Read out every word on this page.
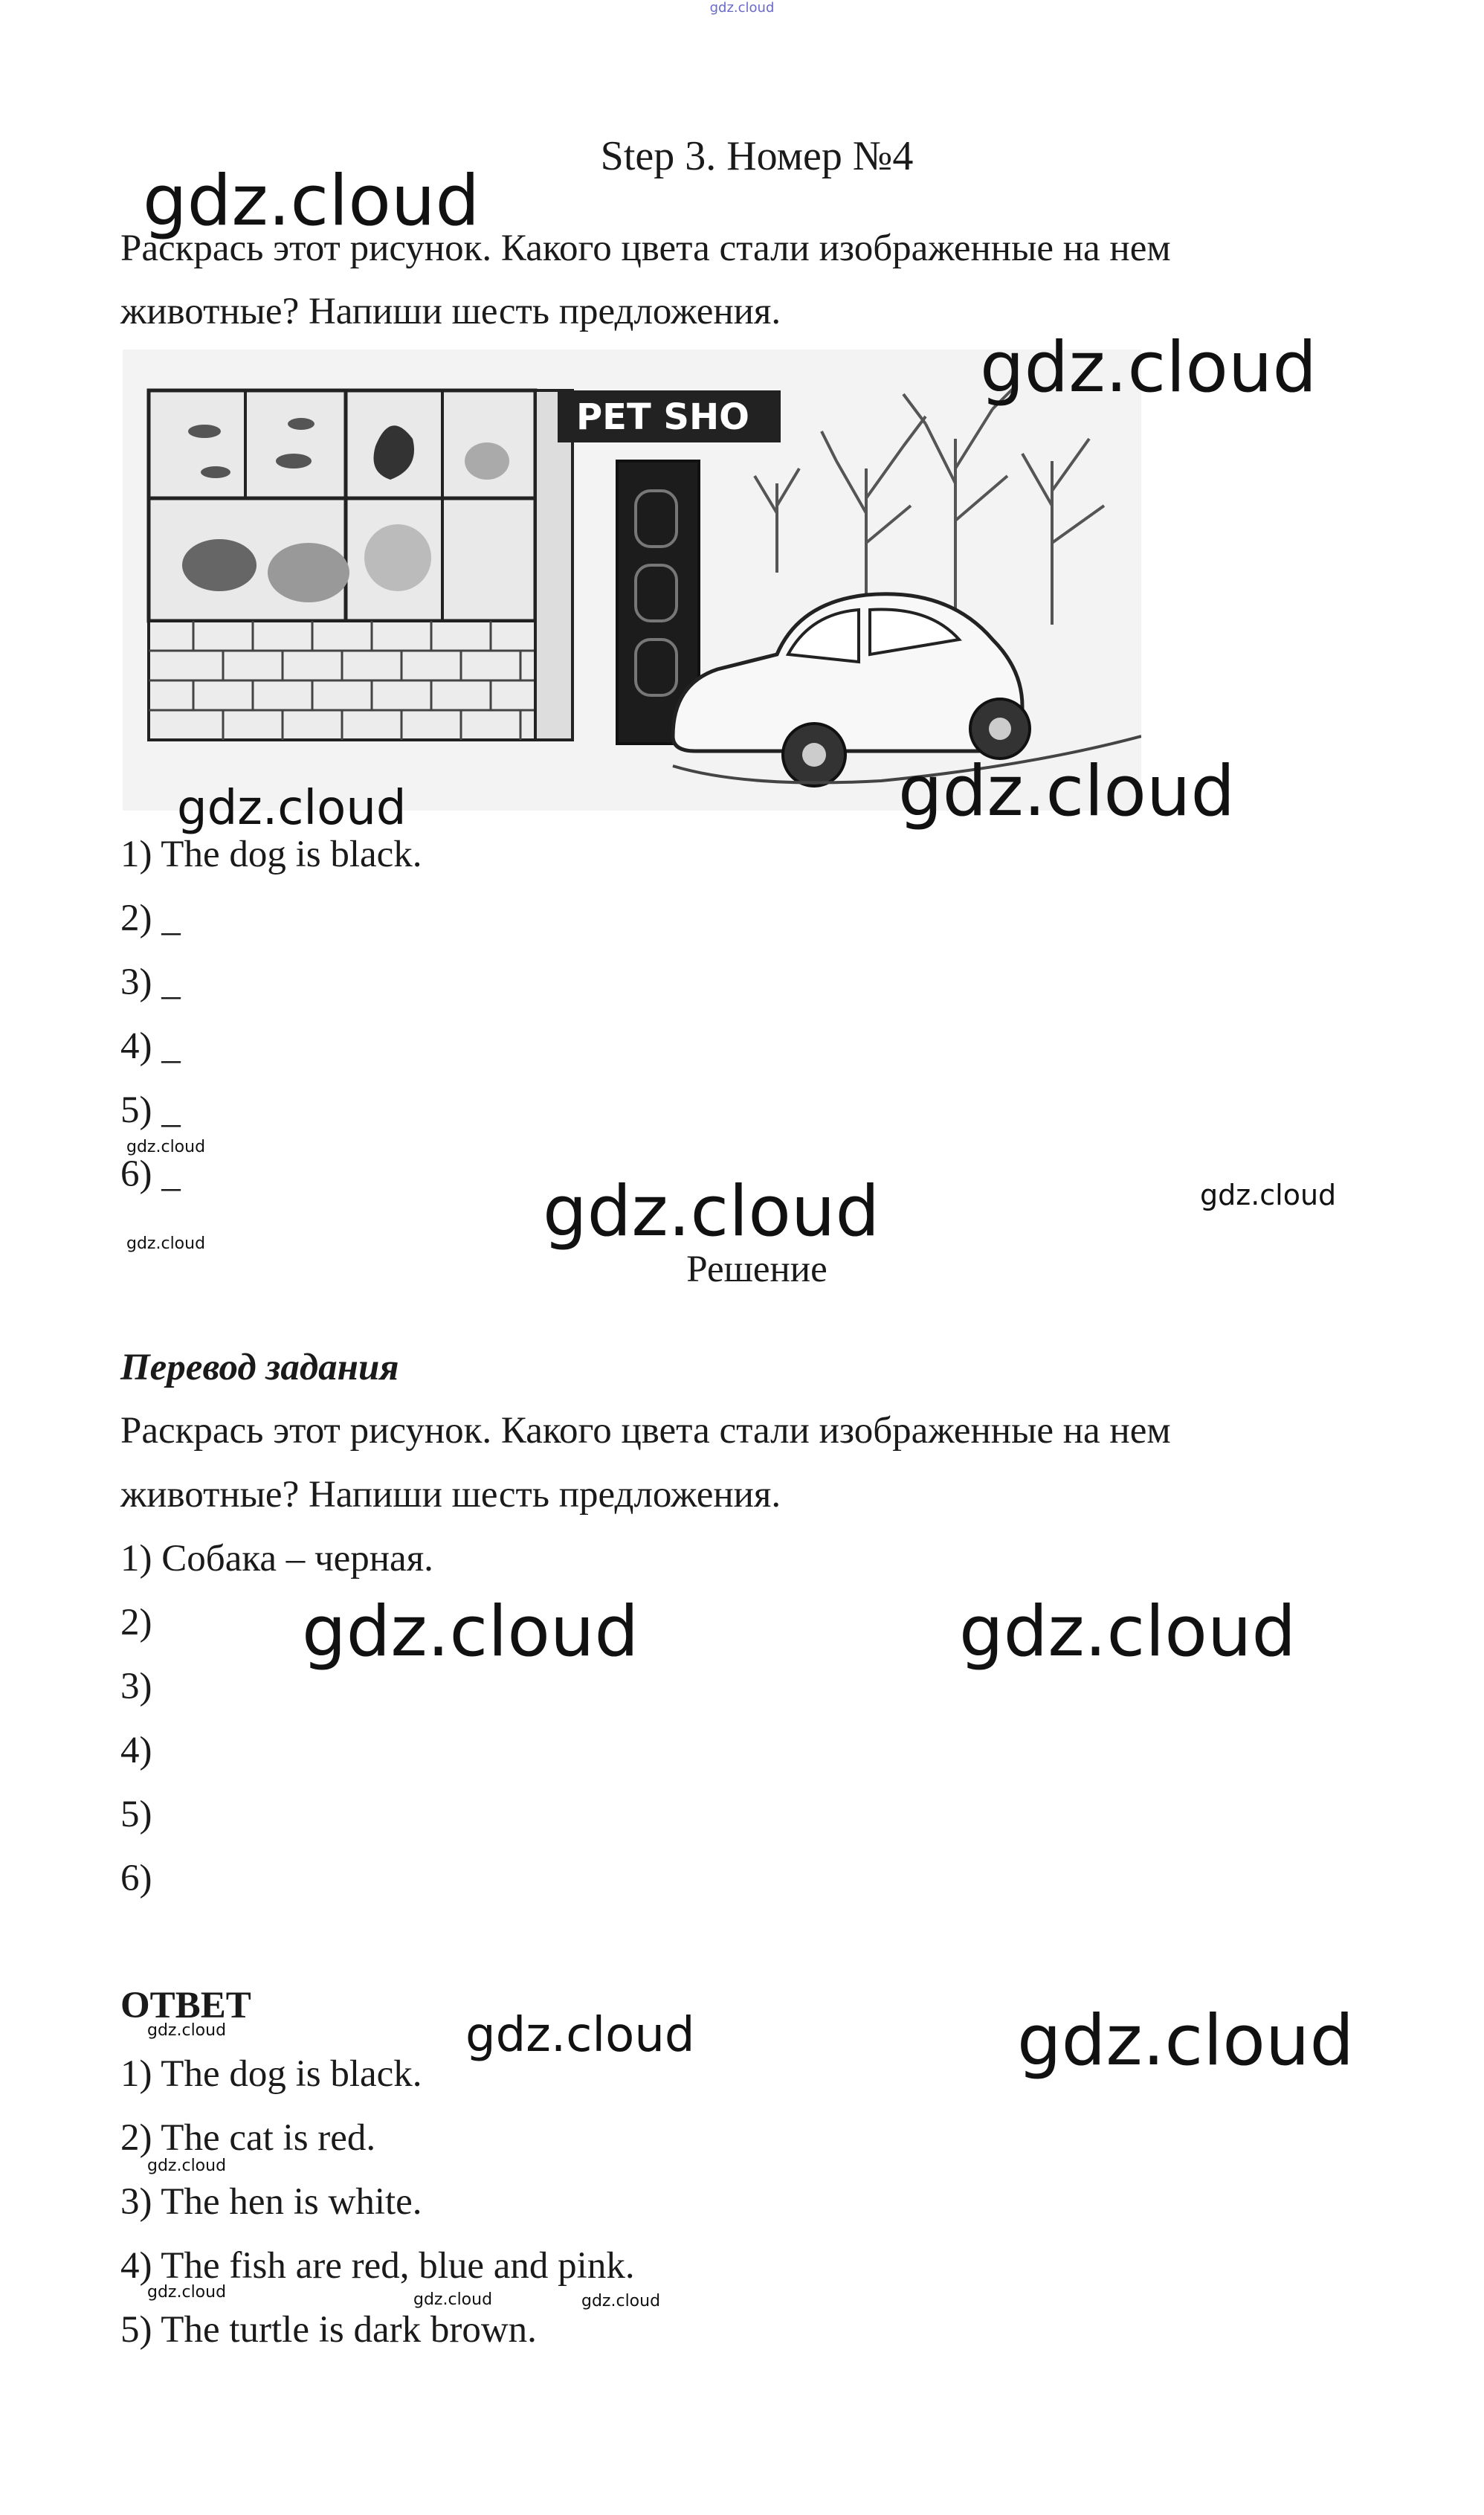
gdz.cloud
Step 3. Номер №4
Раскрась этот рисунок. Какого цвета стали изображенные на нем
животные? Напиши шесть предложения.
PET SHO
1) The dog is black.
2) _
3) _
4) _
5) _
6) _
Решение
Перевод задания
Раскрась этот рисунок. Какого цвета стали изображенные на нем
животные? Напиши шесть предложения.
1) Собака – черная.
2)
3)
4)
5)
6)
ОТВЕТ
1) The dog is black.
2) The cat is red.
3) The hen is white.
4) The fish are red, blue and pink.
5) The turtle is dark brown.
gdz.cloud
gdz.cloud
gdz.cloud	gdz.cloud
gdz.cloud
gdz.cloud	gdz.cloud
gdz.cloud
gdz.cloud	gdz.cloud
gdz.cloud	gdz.cloud	gdz.cloud
gdz.cloud
gdz.cloud	gdz.cloud	gdz.cloud
